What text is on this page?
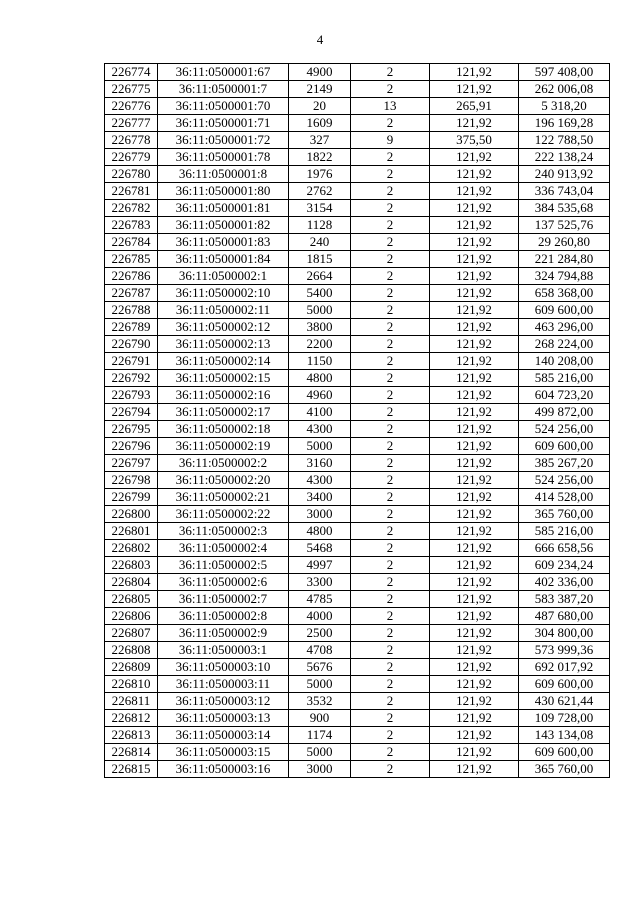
4
226774	36:11:0500001:67	4900	2	121,92	597 408,00
226775	36:11:0500001:7	2149	2	121,92	262 006,08
226776	36:11:0500001:70	20	13	265,91	5 318,20
226777	36:11:0500001:71	1609	2	121,92	196 169,28
226778	36:11:0500001:72	327	9	375,50	122 788,50
226779	36:11:0500001:78	1822	2	121,92	222 138,24
226780	36:11:0500001:8	1976	2	121,92	240 913,92
226781	36:11:0500001:80	2762	2	121,92	336 743,04
226782	36:11:0500001:81	3154	2	121,92	384 535,68
226783	36:11:0500001:82	1128	2	121,92	137 525,76
226784	36:11:0500001:83	240	2	121,92	29 260,80
226785	36:11:0500001:84	1815	2	121,92	221 284,80
226786	36:11:0500002:1	2664	2	121,92	324 794,88
226787	36:11:0500002:10	5400	2	121,92	658 368,00
226788	36:11:0500002:11	5000	2	121,92	609 600,00
226789	36:11:0500002:12	3800	2	121,92	463 296,00
226790	36:11:0500002:13	2200	2	121,92	268 224,00
226791	36:11:0500002:14	1150	2	121,92	140 208,00
226792	36:11:0500002:15	4800	2	121,92	585 216,00
226793	36:11:0500002:16	4960	2	121,92	604 723,20
226794	36:11:0500002:17	4100	2	121,92	499 872,00
226795	36:11:0500002:18	4300	2	121,92	524 256,00
226796	36:11:0500002:19	5000	2	121,92	609 600,00
226797	36:11:0500002:2	3160	2	121,92	385 267,20
226798	36:11:0500002:20	4300	2	121,92	524 256,00
226799	36:11:0500002:21	3400	2	121,92	414 528,00
226800	36:11:0500002:22	3000	2	121,92	365 760,00
226801	36:11:0500002:3	4800	2	121,92	585 216,00
226802	36:11:0500002:4	5468	2	121,92	666 658,56
226803	36:11:0500002:5	4997	2	121,92	609 234,24
226804	36:11:0500002:6	3300	2	121,92	402 336,00
226805	36:11:0500002:7	4785	2	121,92	583 387,20
226806	36:11:0500002:8	4000	2	121,92	487 680,00
226807	36:11:0500002:9	2500	2	121,92	304 800,00
226808	36:11:0500003:1	4708	2	121,92	573 999,36
226809	36:11:0500003:10	5676	2	121,92	692 017,92
226810	36:11:0500003:11	5000	2	121,92	609 600,00
226811	36:11:0500003:12	3532	2	121,92	430 621,44
226812	36:11:0500003:13	900	2	121,92	109 728,00
226813	36:11:0500003:14	1174	2	121,92	143 134,08
226814	36:11:0500003:15	5000	2	121,92	609 600,00
226815	36:11:0500003:16	3000	2	121,92	365 760,00
